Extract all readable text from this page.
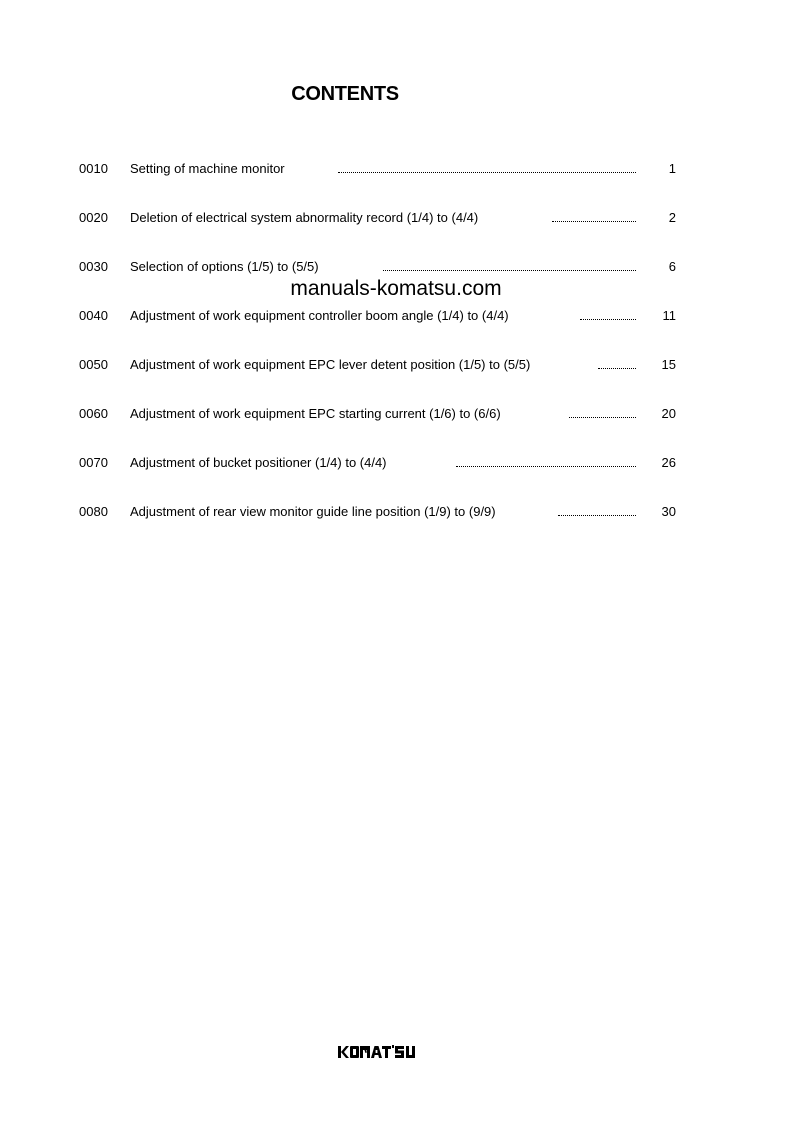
CONTENTS
0010 Setting of machine monitor	1
0020 Deletion of electrical system abnormality record (1/4) to (4/4)	2
0030 Selection of options (1/5) to (5/5)	6
0040 Adjustment of work equipment controller boom angle (1/4) to (4/4)	11
0050 Adjustment of work equipment EPC lever detent position (1/5) to (5/5)	15
0060 Adjustment of work equipment EPC starting current (1/6) to (6/6)	20
0070 Adjustment of bucket positioner (1/4) to (4/4)	26
0080 Adjustment of rear view monitor guide line position (1/9) to (9/9)	30
manuals-komatsu.com
